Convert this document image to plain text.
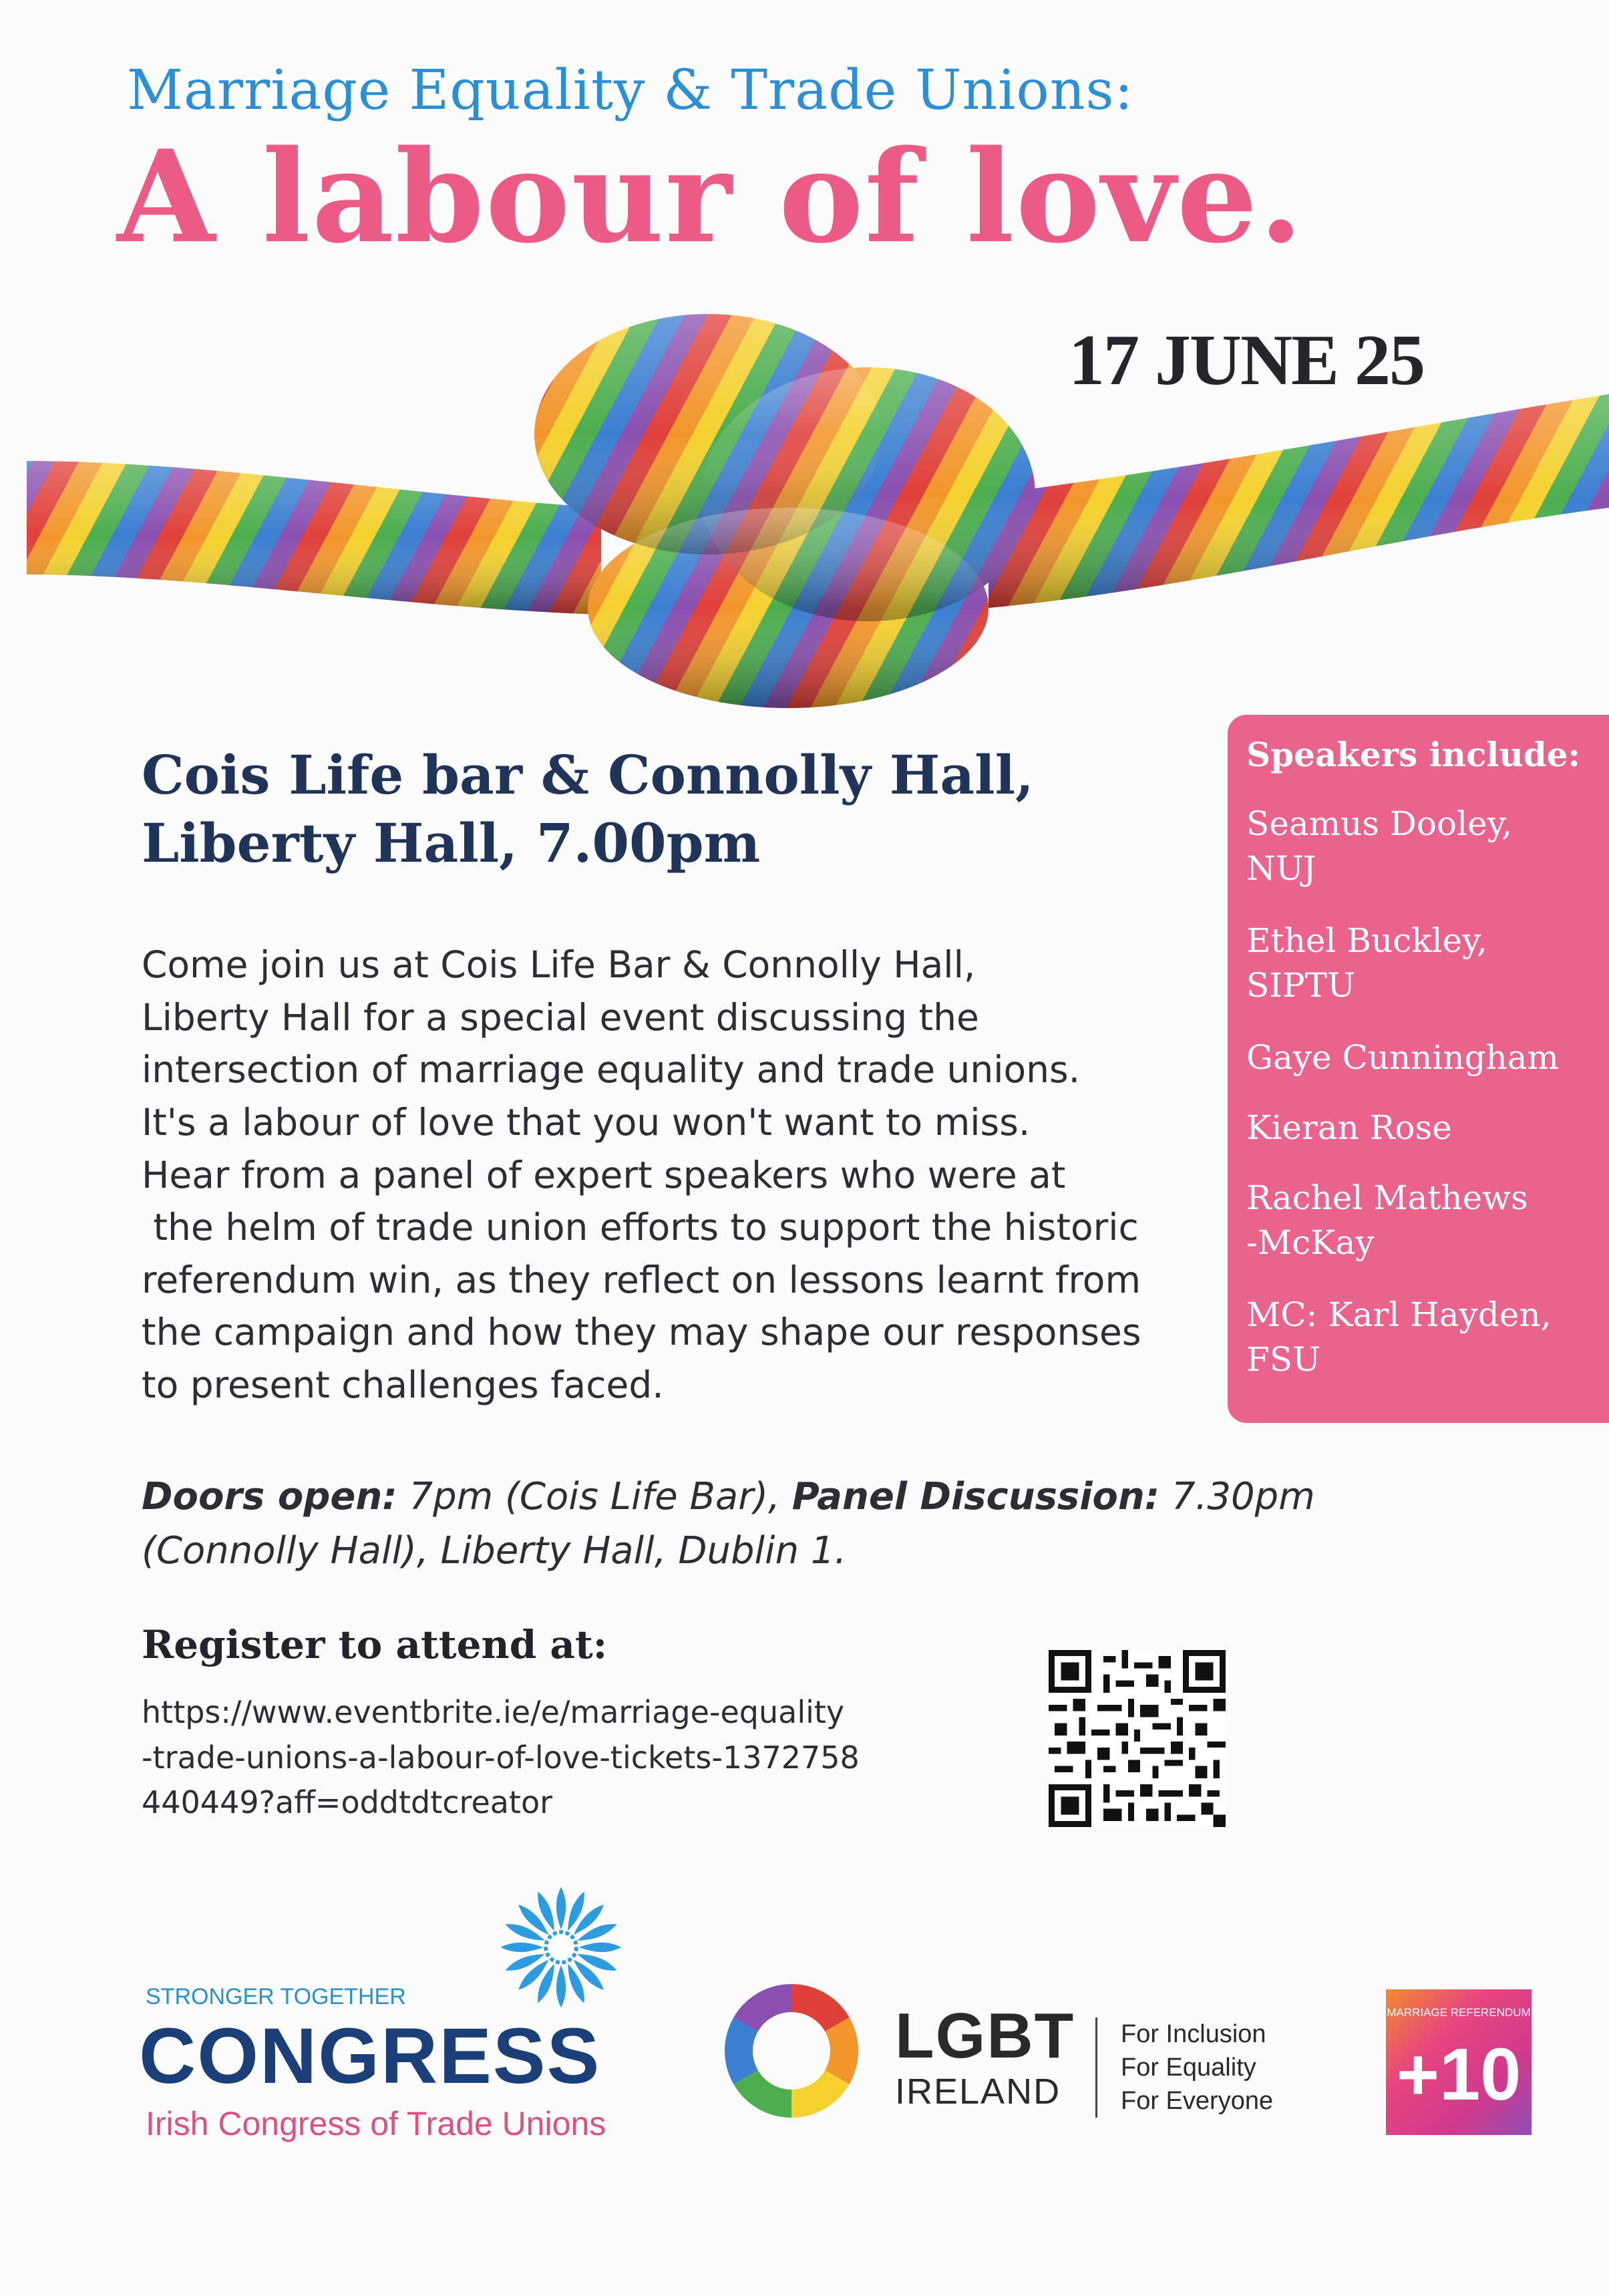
Marriage Equality & Trade Unions:
A labour of love.
17 JUNE 25
Cois Life bar & Connolly Hall,
Liberty Hall, 7.00pm

Come join us at Cois Life Bar & Connolly Hall,

Liberty Hall for a special event discussing the

intersection of marriage equality and trade unions.

It's a labour of love that you won't want to miss.

Hear from a panel of expert speakers who were at

the helm of trade union efforts to support the historic

referendum win, as they reflect on lessons learnt from

the campaign and how they may shape our responses

to present challenges faced.

Speakers include:
Seamus Dooley,
NUJ
Ethel Buckley,
SIPTU
Gaye Cunningham
Kieran Rose
Rachel Mathews
-McKay
MC: Karl Hayden,
FSU
Doors open: 7pm (Cois Life Bar), Panel Discussion: 7.30pm
(Connolly Hall), Liberty Hall, Dublin 1.
Register to attend at:
https://www.eventbrite.ie/e/marriage-equality
-trade-unions-a-labour-of-love-tickets-1372758
440449?aff=oddtdtcreator
STRONGER TOGETHER
CONGRESS
Irish Congress of Trade Unions
LGBT
IRELAND
For Inclusion
For Equality
For Everyone
MARRIAGE REFERENDUM
+10
